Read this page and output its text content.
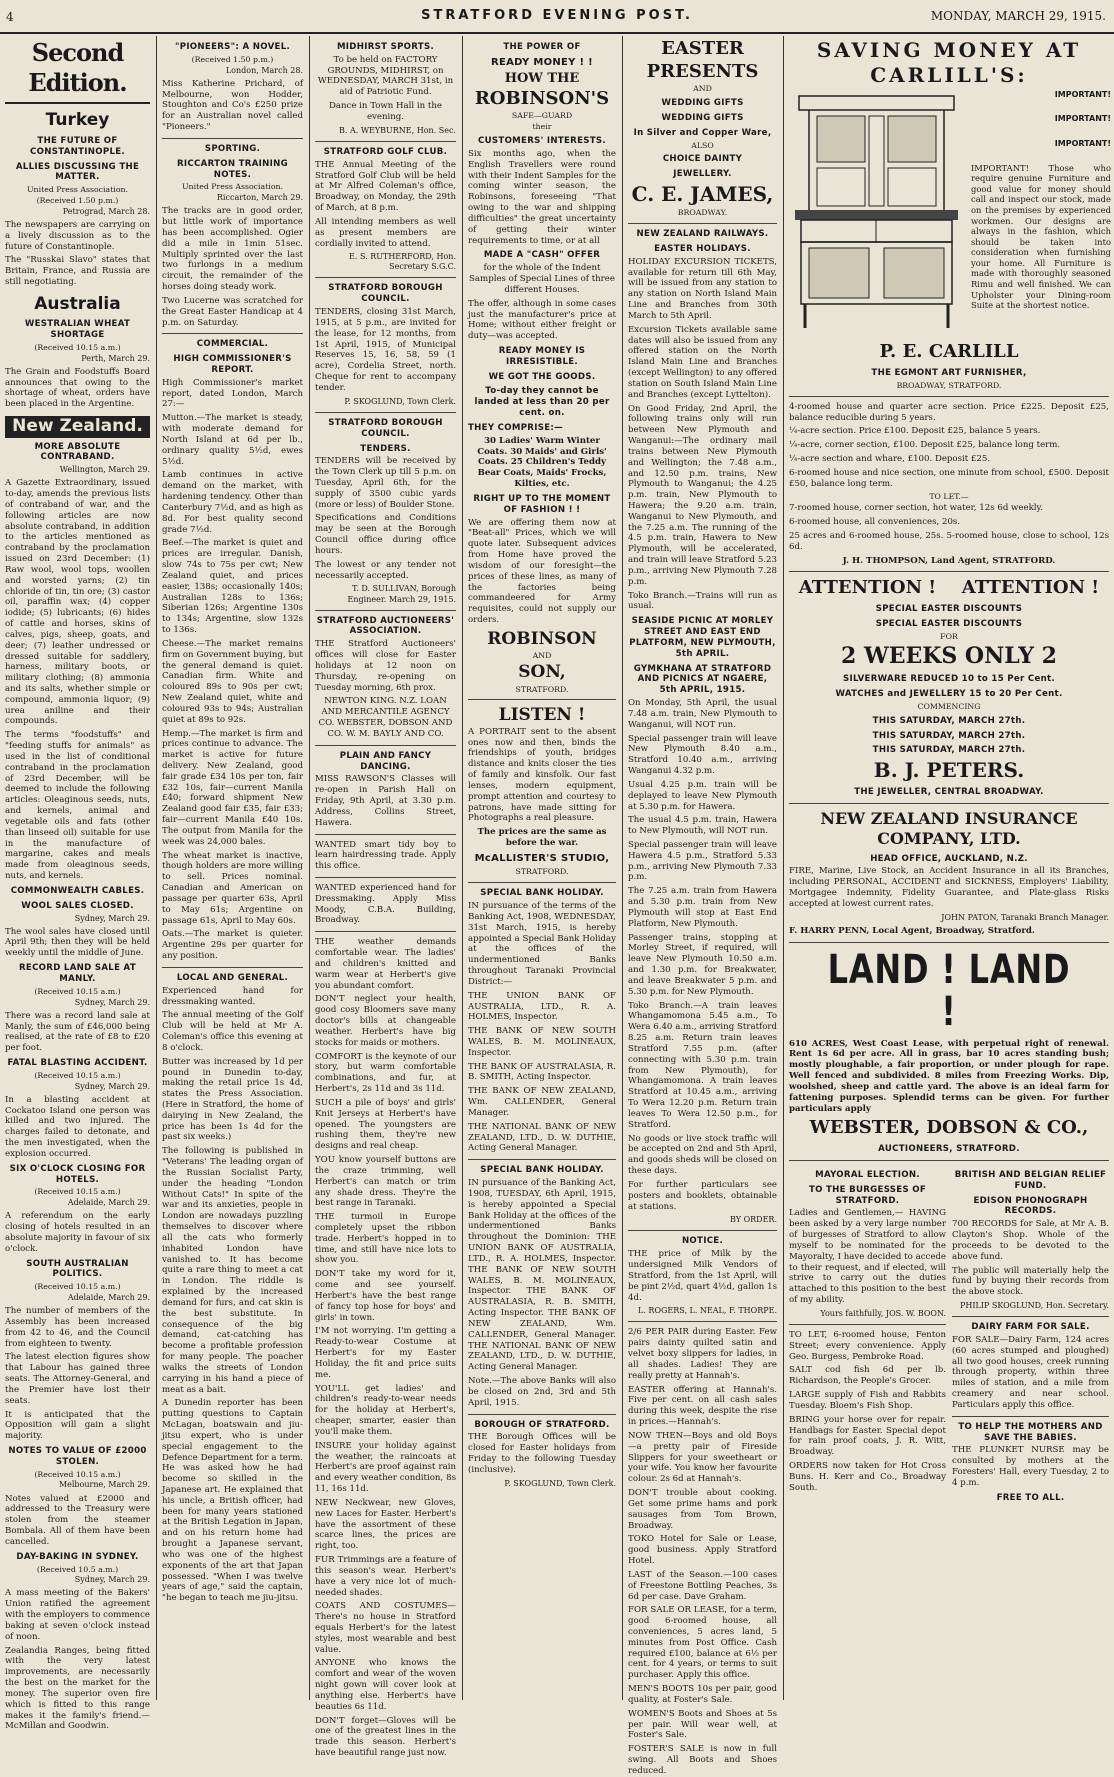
4	STRATFORD EVENING POST.	MONDAY, MARCH 29, 1915.
Second Edition.
Turkey
THE FUTURE OF CONSTANTINOPLE.
ALLIES DISCUSSING THE MATTER.
United Press Association.
(Received 1.50 p.m.)

Petrograd, March 28.

The newspapers are carrying on a lively discussion as to the future of Constantinople.

The "Russkai Slavo" states that Britain, France, and Russia are still negotiating.

Australia
WESTRALIAN WHEAT SHORTAGE
(Received 10.15 a.m.)

Perth, March 29.

The Grain and Foodstuffs Board announces that owing to the shortage of wheat, orders have been placed in the Argentine.

New Zealand.
MORE ABSOLUTE CONTRABAND.

Wellington, March 29.

A Gazette Extraordinary, issued to-day, amends the previous lists of contraband of war, and the following articles are now absolute contraband, in addition to the articles mentioned as contraband by the proclamation issued on 23rd December: (1) Raw wool, wool tops, woollen and worsted yarns; (2) tin chloride of tin, tin ore; (3) castor oil, paraffin wax; (4) copper iodide; (5) lubricants; (6) hides of cattle and horses, skins of calves, pigs, sheep, goats, and deer; (7) leather undressed or dressed suitable for saddlery, harness, military boots, or military clothing; (8) ammonia and its salts, whether simple or compound, ammonia liquor; (9) urea aniline and their compounds.

The terms "foodstuffs" and "feeding stuffs for animals" as used in the list of conditional contraband in the proclamation of 23rd December, will be deemed to include the following articles: Oleaginous seeds, nuts, and kernels, animal and vegetable oils and fats (other than linseed oil) suitable for use in the manufacture of margarine, cakes and meals made from oleaginous seeds, nuts, and kernels.

COMMONWEALTH CABLES.
WOOL SALES CLOSED.

Sydney, March 29.

The wool sales have closed until April 9th; then they will be held weekly until the middle of June.

RECORD LAND SALE AT MANLY.
(Received 10.15 a.m.)

Sydney, March 29.

There was a record land sale at Manly, the sum of £46,000 being realised, at the rate of £8 to £20 per foot.

FATAL BLASTING ACCIDENT.
(Received 10.15 a.m.)

Sydney, March 29.

In a blasting accident at Cockatoo Island one person was killed and two injured. The charges failed to detonate, and the men investigated, when the explosion occurred.

SIX O'CLOCK CLOSING FOR HOTELS.
(Received 10.15 a.m.)

Adelaide, March 29.

A referendum on the early closing of hotels resulted in an absolute majority in favour of six o'clock.

SOUTH AUSTRALIAN POLITICS.
(Received 10.15 a.m.)

Adelaide, March 29.

The number of members of the Assembly has been increased from 42 to 46, and the Council from eighteen to twenty.

The latest election figures show that Labour has gained three seats. The Attorney-General, and the Premier have lost their seats.

It is anticipated that the Opposition will gain a slight majority.

NOTES TO VALUE OF £2000 STOLEN.
(Received 10.15 a.m.)

Melbourne, March 29.

Notes valued at £2000 and addressed to the Treasury were stolen from the steamer Bombala. All of them have been cancelled.

DAY-BAKING IN SYDNEY.
(Received 10.5 a.m.)

Sydney, March 29.

A mass meeting of the Bakers' Union ratified the agreement with the employers to commence baking at seven o'clock instead of noon.

Zealandia Ranges, being fitted with the very latest improvements, are necessarily the best on the market for the money. The superior oven fire which is fitted to this range makes it the family's friend.—McMillan and Goodwin.

"PIONEERS": A NOVEL.
(Received 1.50 p.m.)

London, March 28.

Miss Katherine Prichard, of Melbourne, won Hodder, Stoughton and Co's £250 prize for an Australian novel called "Pioneers."

SPORTING.
RICCARTON TRAINING NOTES.
United Press Association.

Riccarton, March 29.

The tracks are in good order, but little work of importance has been accomplished. Ogier did a mile in 1min 51sec. Multiply sprinted over the last two furlongs in a medium circuit, the remainder of the horses doing steady work.

Two Lucerne was scratched for the Great Easter Handicap at 4 p.m. on Saturday.

COMMERCIAL.
HIGH COMMISSIONER'S REPORT.

High Commissioner's market report, dated London, March 27:—

Mutton.—The market is steady, with moderate demand for North Island at 6d per lb., ordinary quality 5½d, ewes 5½d.

Lamb continues in active demand on the market, with hardening tendency. Other than Canterbury 7½d, and as high as 8d. For best quality second grade 7½d.

Beef.—The market is quiet and prices are irregular. Danish, slow 74s to 75s per cwt; New Zealand quiet, and prices easier, 138s; occasionally 140s; Australian 128s to 136s; Siberian 126s; Argentine 130s to 134s; Argentine, slow 132s to 136s.

Cheese.—The market remains firm on Government buying, but the general demand is quiet. Canadian firm. White and coloured 89s to 90s per cwt; New Zealand quiet, white and coloured 93s to 94s; Australian quiet at 89s to 92s.

Hemp.—The market is firm and prices continue to advance. The market is active for future delivery. New Zealand, good fair grade £34 10s per ton, fair £32 10s, fair—current Manila £40; forward shipment New Zealand good fair £35, fair £33; fair—current Manila £40 10s. The output from Manila for the week was 24,000 bales.

The wheat market is inactive, though holders are more willing to sell. Prices nominal. Canadian and American on passage per quarter 63s, April to May 61s; Argentine on passage 61s, April to May 60s.

Oats.—The market is quieter. Argentine 29s per quarter for any position.

LOCAL AND GENERAL.

Experienced hand for dressmaking wanted.

The annual meeting of the Golf Club will be held at Mr A. Coleman's office this evening at 8 o'clock.

Butter was increased by 1d per pound in Dunedin to-day, making the retail price 1s 4d, states the Press Association. (Here in Stratford, the home of dairying in New Zealand, the price has been 1s 4d for the past six weeks.)

The following is published in "Veterans' The leading organ of the Russian Socialist Party, under the heading "London Without Cats!" In spite of the war and its anxieties, people in London are nowadays puzzling themselves to discover where all the cats who formerly inhabited London have vanished to. It has become quite a rare thing to meet a cat in London. The riddle is explained by the increased demand for furs, and cat skin is the best substitute. In consequence of the big demand, cat-catching has become a profitable profession for many people. The poacher walks the streets of London carrying in his hand a piece of meat as a bait.

A Dunedin reporter has been putting questions to Captain McLagan, boatswain and jiu-jitsu expert, who is under special engagement to the Defence Department for a term. He was asked how he had become so skilled in the Japanese art. He explained that his uncle, a British officer, had been for many years stationed at the British Legation in Japan, and on his return home had brought a Japanese servant, who was one of the highest exponents of the art that Japan possessed. "When I was twelve years of age," said the captain, "he began to teach me jiu-jitsu.

MIDHIRST SPORTS.

To be held on FACTORY GROUNDS, MIDHIRST, on WEDNESDAY, MARCH 31st, in aid of Patriotic Fund.

Dance in Town Hall in the evening.

B. A. WEYBURNE, Hon. Sec.

STRATFORD GOLF CLUB.

THE Annual Meeting of the Stratford Golf Club will be held at Mr Alfred Coleman's office, Broadway, on Monday, the 29th of March, at 8 p.m.

All intending members as well as present members are cordially invited to attend.

E. S. RUTHERFORD, Hon. Secretary S.G.C.

STRATFORD BOROUGH COUNCIL.

TENDERS, closing 31st March, 1915, at 5 p.m., are invited for the lease, for 12 months, from 1st April, 1915, of Municipal Reserves 15, 16, 58, 59 (1 acre), Cordelia Street, north. Cheque for rent to accompany tender.

P. SKOGLUND, Town Clerk.

STRATFORD BOROUGH COUNCIL.
TENDERS.

TENDERS will be received by the Town Clerk up till 5 p.m. on Tuesday, April 6th, for the supply of 3500 cubic yards (more or less) of Boulder Stone.

Specifications and Conditions may be seen at the Borough Council office during office hours.

The lowest or any tender not necessarily accepted.

T. D. SULLIVAN, Borough Engineer. March 29, 1915.

STRATFORD AUCTIONEERS' ASSOCIATION.

THE Stratford Auctioneers' offices will close for Easter holidays at 12 noon on Thursday, re-opening on Tuesday morning, 6th prox.

NEWTON KING. N.Z. LOAN AND MERCANTILE AGENCY CO. WEBSTER, DOBSON AND CO. W. M. BAYLY AND CO.

PLAIN AND FANCY DANCING.

MISS RAWSON'S Classes will re-open in Parish Hall on Friday, 9th April, at 3.30 p.m. Address, Collins Street, Hawera.

WANTED smart tidy boy to learn hairdressing trade. Apply this office.

WANTED experienced hand for Dressmaking. Apply Miss Moody, C.B.A. Building, Broadway.

THE weather demands comfortable wear. The ladies' and children's knitted and warm wear at Herbert's give you abundant comfort.

DON'T neglect your health, good cosy Bloomers save many doctor's bills at changeable weather. Herbert's have big stocks for maids or mothers.

COMFORT is the keynote of our story, but warm comfortable combinations, and fur, at Herbert's, 2s 11d and 3s 11d.

SUCH a pile of boys' and girls' Knit Jerseys at Herbert's have opened. The youngsters are rushing them, they're new designs and real cheap.

YOU know yourself buttons are the craze trimming, well Herbert's can match or trim any shade dress. They're the best range in Taranaki.

THE turmoil in Europe completely upset the ribbon trade. Herbert's hopped in to time, and still have nice lots to show you.

DON'T take my word for it, come and see yourself. Herbert's have the best range of fancy top hose for boys' and girls' in town.

I'M not worrying. I'm getting a Ready-to-wear Costume at Herbert's for my Easter Holiday, the fit and price suits me.

YOU'LL get ladies' and children's ready-to-wear needs for the holiday at Herbert's, cheaper, smarter, easier than you'll make them.

INSURE your holiday against the weather, the raincoats at Herbert's are proof against rain and every weather condition, 8s 11, 16s 11d.

NEW Neckwear, new Gloves, new Laces for Easter. Herbert's have the assortment of these scarce lines, the prices are right, too.

FUR Trimmings are a feature of this season's wear. Herbert's have a very nice lot of much-needed shades.

COATS AND COSTUMES—There's no house in Stratford equals Herbert's for the latest styles, most wearable and best value.

ANYONE who knows the comfort and wear of the woven night gown will cover look at anything else. Herbert's have beauties 6s 11d.

DON'T forget—Gloves will be one of the greatest lines in the trade this season. Herbert's have beautiful range just now.

THE POWER OF
READY MONEY ! !
HOW THE
ROBINSON'S
SAFE—GUARD
their
CUSTOMERS' INTERESTS.

Six months ago, when the English Travellers were round with their Indent Samples for the coming winter season, the Robinsons, foreseeing "That owing to the war and shipping difficulties" the great uncertainty of getting their winter requirements to time, or at all

MADE A "CASH" OFFER

for the whole of the Indent Samples of Special Lines of three different Houses.

The offer, although in some cases just the manufacturer's price at Home; without either freight or duty—was accepted.

READY MONEY IS IRRESISTIBLE.
WE GOT THE GOODS.
To-day they cannot be landed at less than 20 per cent. on.
THEY COMPRISE:—

30 Ladies' Warm Winter Coats. 30 Maids' and Girls' Coats. 25 Children's Teddy Bear Coats, Maids' Frocks, Kilties, etc.

RIGHT UP TO THE MOMENT OF FASHION ! !

We are offering them now at "Beat-all" Prices, which we will quote later. Subsequent advices from Home have proved the wisdom of our foresight—the prices of these lines, as many of the factories being commandeered for Army requisites, could not supply our orders.

ROBINSON
AND
SON,
STRATFORD.
LISTEN !

A PORTRAIT sent to the absent ones now and then, binds the friendships of youth, bridges distance and knits closer the ties of family and kinsfolk. Our fast lenses, modern equipment, prompt attention and courtesy to patrons, have made sitting for Photographs a real pleasure.

The prices are the same as before the war.

McALLISTER'S STUDIO,
STRATFORD.
SPECIAL BANK HOLIDAY.

IN pursuance of the terms of the Banking Act, 1908, WEDNESDAY, 31st March, 1915, is hereby appointed a Special Bank Holiday at the offices of the undermentioned Banks throughout Taranaki Provincial District:—

THE UNION BANK OF AUSTRALIA, LTD., R. A. HOLMES, Inspector.

THE BANK OF NEW SOUTH WALES, B. M. MOLINEAUX, Inspector.

THE BANK OF AUSTRALASIA, R. B. SMITH, Acting Inspector.

THE BANK OF NEW ZEALAND, Wm. CALLENDER, General Manager.

THE NATIONAL BANK OF NEW ZEALAND, LTD., D. W. DUTHIE, Acting General Manager.

SPECIAL BANK HOLIDAY.

IN pursuance of the Banking Act, 1908, TUESDAY, 6th April, 1915, is hereby appointed a Special Bank Holiday at the offices of the undermentioned Banks throughout the Dominion: THE UNION BANK OF AUSTRALIA, LTD., R. A. HOLMES, Inspector. THE BANK OF NEW SOUTH WALES, B. M. MOLINEAUX, Inspector. THE BANK OF AUSTRALASIA, R. B. SMITH, Acting Inspector. THE BANK OF NEW ZEALAND, Wm. CALLENDER, General Manager. THE NATIONAL BANK OF NEW ZEALAND, LTD., D. W. DUTHIE, Acting General Manager.

Note.—The above Banks will also be closed on 2nd, 3rd and 5th April, 1915.

BOROUGH OF STRATFORD.

THE Borough Offices will be closed for Easter holidays from Friday to the following Tuesday (inclusive).

P. SKOGLUND, Town Clerk.

EASTER
PRESENTS
AND
WEDDING GIFTS
WEDDING GIFTS
In Silver and Copper Ware,
ALSO
CHOICE DAINTY
JEWELLERY.
C. E. JAMES,
BROADWAY.
NEW ZEALAND RAILWAYS.
EASTER HOLIDAYS.

HOLIDAY EXCURSION TICKETS, available for return till 6th May, will be issued from any station to any station on North Island Main Line and Branches from 30th March to 5th April.

Excursion Tickets available same dates will also be issued from any offered station on the North Island Main Line and Branches (except Wellington) to any offered station on South Island Main Line and Branches (except Lyttelton).

On Good Friday, 2nd April, the following trains only will run between New Plymouth and Wanganui:—The ordinary mail trains between New Plymouth and Wellington; the 7.48 a.m., and 12.50 p.m. trains, New Plymouth to Wanganui; the 4.25 p.m. train, New Plymouth to Hawera; the 9.20 a.m. train, Wanganui to New Plymouth, and the 7.25 a.m. The running of the 4.5 p.m. train, Hawera to New Plymouth, will be accelerated, and train will leave Stratford 5.23 p.m., arriving New Plymouth 7.28 p.m.

Toko Branch.—Trains will run as usual.

SEASIDE PICNIC AT MORLEY STREET AND EAST END PLATFORM, NEW PLYMOUTH, 5th APRIL.
GYMKHANA AT STRATFORD AND PICNICS AT NGAERE, 5th APRIL, 1915.

On Monday, 5th April, the usual 7.48 a.m. train, New Plymouth to Wanganui, will NOT run.

Special passenger train will leave New Plymouth 8.40 a.m., Stratford 10.40 a.m., arriving Wanganui 4.32 p.m.

Usual 4.25 p.m. train will be deplayed to leave New Plymouth at 5.30 p.m. for Hawera.

The usual 4.5 p.m. train, Hawera to New Plymouth, will NOT run.

Special passenger train will leave Hawera 4.5 p.m., Stratford 5.33 p.m., arriving New Plymouth 7.33 p.m.

The 7.25 a.m. train from Hawera and 5.30 p.m. train from New Plymouth will stop at East End Platform, New Plymouth.

Passenger trains, stopping at Morley Street, if required, will leave New Plymouth 10.50 a.m. and 1.30 p.m. for Breakwater, and leave Breakwater 5 p.m. and 5.30 p.m. for New Plymouth.

Toko Branch.—A train leaves Whangamomona 5.45 a.m., To Wera 6.40 a.m., arriving Stratford 8.25 a.m. Return train leaves Stratford 7.55 p.m. (after connecting with 5.30 p.m. train from New Plymouth), for Whangamomona. A train leaves Stratford at 10.45 a.m., arriving To Wera 12.20 p.m. Return train leaves To Wera 12.50 p.m., for Stratford.

No goods or live stock traffic will be accepted on 2nd and 5th April, and goods sheds will be closed on these days.

For further particulars see posters and booklets, obtainable at stations.

BY ORDER.

NOTICE.

THE price of Milk by the undersigned Milk Vendors of Stratford, from the 1st April, will be pint 2½d, quart 4½d, gallon 1s 4d.

L. ROGERS, L. NEAL, F. THORPE.

2/6 PER PAIR during Easter. Few pairs dainty quilted satin and velvet boxy slippers for ladies, in all shades. Ladies! They are really pretty at Hannah's.

EASTER offering at Hannah's. Five per cent. on all cash sales during this week, despite the rise in prices.—Hannah's.

NOW THEN—Boys and old Boys—a pretty pair of Fireside Slippers for your sweetheart or your wife. You know her favourite colour. 2s 6d at Hannah's.

DON'T trouble about cooking. Get some prime hams and pork sausages from Tom Brown, Broadway.

TOKO Hotel for Sale or Lease, good business. Apply Stratford Hotel.

LAST of the Season.—100 cases of Freestone Bottling Peaches, 3s 6d per case. Dave Graham.

FOR SALE OR LEASE, for a term, good 6-roomed house, all conveniences, 5 acres land, 5 minutes from Post Office. Cash required £100, balance at 6½ per cent. for 4 years, or terms to suit purchaser. Apply this office.

MEN'S BOOTS 10s per pair, good quality, at Foster's Sale.

WOMEN'S Boots and Shoes at 5s per pair. Will wear well, at Foster's Sale.

FOSTER'S SALE is now in full swing. All Boots and Shoes reduced.

SAVING MONEY AT
CARLILL'S:
IMPORTANT!
IMPORTANT!
IMPORTANT!

IMPORTANT! Those who require genuine Furniture and good value for money should call and inspect our stock, made on the premises by experienced workmen. Our designs are always in the fashion, which should be taken into consideration when furnishing your home. All Furniture is made with thoroughly seasoned Rimu and well finished. We can Upholster your Dining-room Suite at the shortest notice.

P. E. CARLILL
THE EGMONT ART FURNISHER,
BROADWAY, STRATFORD.

4-roomed house and quarter acre section. Price £225. Deposit £25, balance reducible during 5 years.

¼-acre section. Price £100. Deposit £25, balance 5 years.

¼-acre, corner section, £100. Deposit £25, balance long term.

¼-acre section and whare, £100. Deposit £25.

6-roomed house and nice section, one minute from school, £500. Deposit £50, balance long term.

TO LET.—

7-roomed house, corner section, hot water, 12s 6d weekly.

6-roomed house, all conveniences, 20s.

25 acres and 6-roomed house, 25s. 5-roomed house, close to school, 12s 6d.

J. H. THOMPSON, Land Agent, STRATFORD.

ATTENTION !	ATTENTION !
SPECIAL EASTER DISCOUNTS
SPECIAL EASTER DISCOUNTS
FOR
2 WEEKS ONLY 2
SILVERWARE REDUCED 10 to 15 Per Cent.
WATCHES and JEWELLERY 15 to 20 Per Cent.
COMMENCING
THIS SATURDAY, MARCH 27th.
THIS SATURDAY, MARCH 27th.
THIS SATURDAY, MARCH 27th.
B. J. PETERS.
THE JEWELLER, CENTRAL BROADWAY.
NEW ZEALAND INSURANCE COMPANY, LTD.
HEAD OFFICE, AUCKLAND, N.Z.

FIRE, Marine, Live Stock, an Accident Insurance in all its Branches, including PERSONAL, ACCIDENT and SICKNESS, Employers' Liability, Mortgagee Indemnity, Fidelity Guarantee, and Plate-glass Risks accepted at lowest current rates.

JOHN PATON, Taranaki Branch Manager.

F. HARRY PENN, Local Agent, Broadway, Stratford.

LAND ! LAND !

610 ACRES, West Coast Lease, with perpetual right of renewal. Rent 1s 6d per acre. All in grass, bar 10 acres standing bush; mostly ploughable, a fair proportion, or under plough for rape. Well fenced and subdivided. 8 miles from Freezing Works. Dip, woolshed, sheep and cattle yard. The above is an ideal farm for fattening purposes. Splendid terms can be given. For further particulars apply

WEBSTER, DOBSON & CO.,
AUCTIONEERS, STRATFORD.
MAYORAL ELECTION.
TO THE BURGESSES OF STRATFORD.

Ladies and Gentlemen,— HAVING been asked by a very large number of burgesses of Stratford to allow myself to be nominated for the Mayoralty, I have decided to accede to their request, and if elected, will strive to carry out the duties attached to this position to the best of my ability.

Yours faithfully, JOS. W. BOON.

TO LET, 6-roomed house, Fenton Street; every convenience. Apply Geo. Burgess, Pembroke Road.

SALT cod fish 6d per lb. Richardson, the People's Grocer.

LARGE supply of Fish and Rabbits Tuesday. Bloem's Fish Shop.

BRING your horse over for repair. Handbags for Easter. Special depot for rain proof coats, J. R. Witt, Broadway.

ORDERS now taken for Hot Cross Buns. H. Kerr and Co., Broadway South.

BRITISH AND BELGIAN RELIEF FUND.
EDISON PHONOGRAPH RECORDS.

700 RECORDS for Sale, at Mr A. B. Clayton's Shop. Whole of the proceeds to be devoted to the above fund.

The public will materially help the fund by buying their records from the above stock.

PHILIP SKOGLUND, Hon. Secretary.

DAIRY FARM FOR SALE.

FOR SALE—Dairy Farm, 124 acres (60 acres stumped and ploughed) all two good houses, creek running through property, within three miles of station, and a mile from creamery and near school. Particulars apply this office.

TO HELP THE MOTHERS AND SAVE THE BABIES.

THE PLUNKET NURSE may be consulted by mothers at the Foresters' Hall, every Tuesday, 2 to 4 p.m.

FREE TO ALL.
